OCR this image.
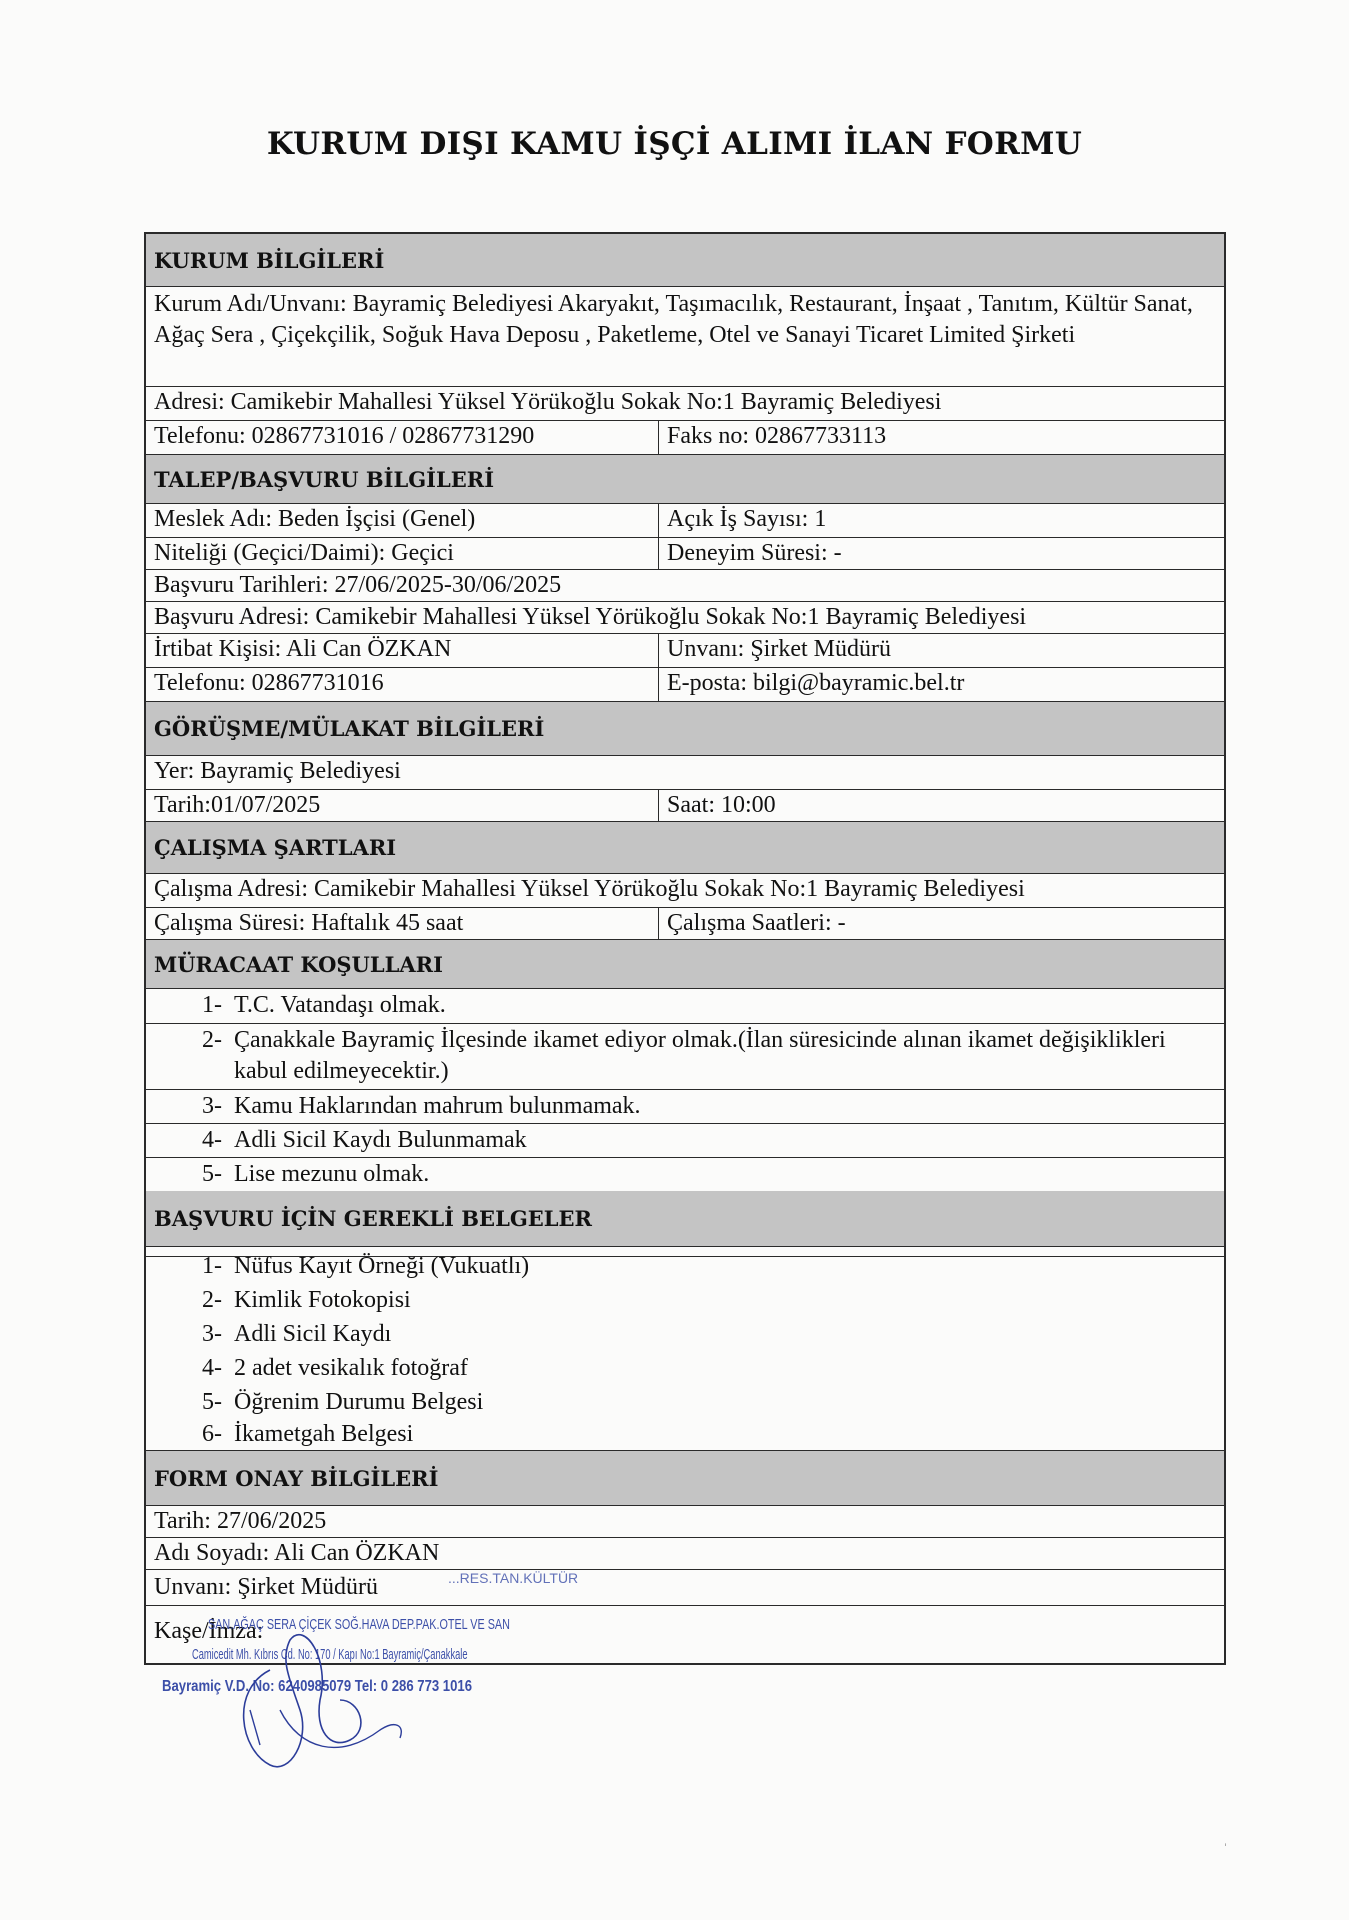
KURUM DIŞI KAMU İŞÇİ ALIMI İLAN FORMU
KURUM BİLGİLERİ
Kurum Adı/Unvanı: Bayramiç Belediyesi Akaryakıt, Taşımacılık, Restaurant, İnşaat , Tanıtım, Kültür Sanat, Ağaç Sera , Çiçekçilik, Soğuk Hava Deposu , Paketleme, Otel ve Sanayi Ticaret Limited Şirketi
Adresi: Camikebir Mahallesi Yüksel Yörükoğlu Sokak No:1 Bayramiç Belediyesi
Telefonu: 02867731016 / 02867731290	Faks no: 02867733113
TALEP/BAŞVURU BİLGİLERİ
Meslek Adı: Beden İşçisi (Genel)	Açık İş Sayısı: 1
Niteliği (Geçici/Daimi): Geçici	Deneyim Süresi: -
Başvuru Tarihleri: 27/06/2025-30/06/2025
Başvuru Adresi: Camikebir Mahallesi Yüksel Yörükoğlu Sokak No:1 Bayramiç Belediyesi
İrtibat Kişisi: Ali Can ÖZKAN	Unvanı: Şirket Müdürü
Telefonu: 02867731016	E-posta: bilgi@bayramic.bel.tr
GÖRÜŞME/MÜLAKAT BİLGİLERİ
Yer: Bayramiç Belediyesi
Tarih:01/07/2025	Saat: 10:00
ÇALIŞMA ŞARTLARI
Çalışma Adresi: Camikebir Mahallesi Yüksel Yörükoğlu Sokak No:1 Bayramiç Belediyesi
Çalışma Süresi: Haftalık 45 saat	Çalışma Saatleri: -
MÜRACAAT KOŞULLARI
1- T.C. Vatandaşı olmak.
2- Çanakkale Bayramiç İlçesinde ikamet ediyor olmak.(İlan süresicinde alınan ikamet değişiklikleri kabul edilmeyecektir.)
3- Kamu Haklarından mahrum bulunmamak.
4- Adli Sicil Kaydı Bulunmamak
5- Lise mezunu olmak.
BAŞVURU İÇİN GEREKLİ BELGELER
1- Nüfus Kayıt Örneği (Vukuatlı)
2- Kimlik Fotokopisi
3- Adli Sicil Kaydı
4- 2 adet vesikalık fotoğraf
5- Öğrenim Durumu Belgesi
6- İkametgah Belgesi
FORM ONAY BİLGİLERİ
Tarih: 27/06/2025
Adı Soyadı: Ali Can ÖZKAN
Unvanı: Şirket Müdürü
Kaşe/İmza:
...RES.TAN.KÜLTÜR
SAN.AĞAÇ SERA ÇİÇEK SOĞ.HAVA DEP.PAK.OTEL VE SAN
Camicedit Mh. Kıbrıs Cd. No: 170 / Kapı No:1 Bayramiç/Çanakkale
Bayramiç V.D. No: 6240985079 Tel: 0 286 773 1016
ˈ
